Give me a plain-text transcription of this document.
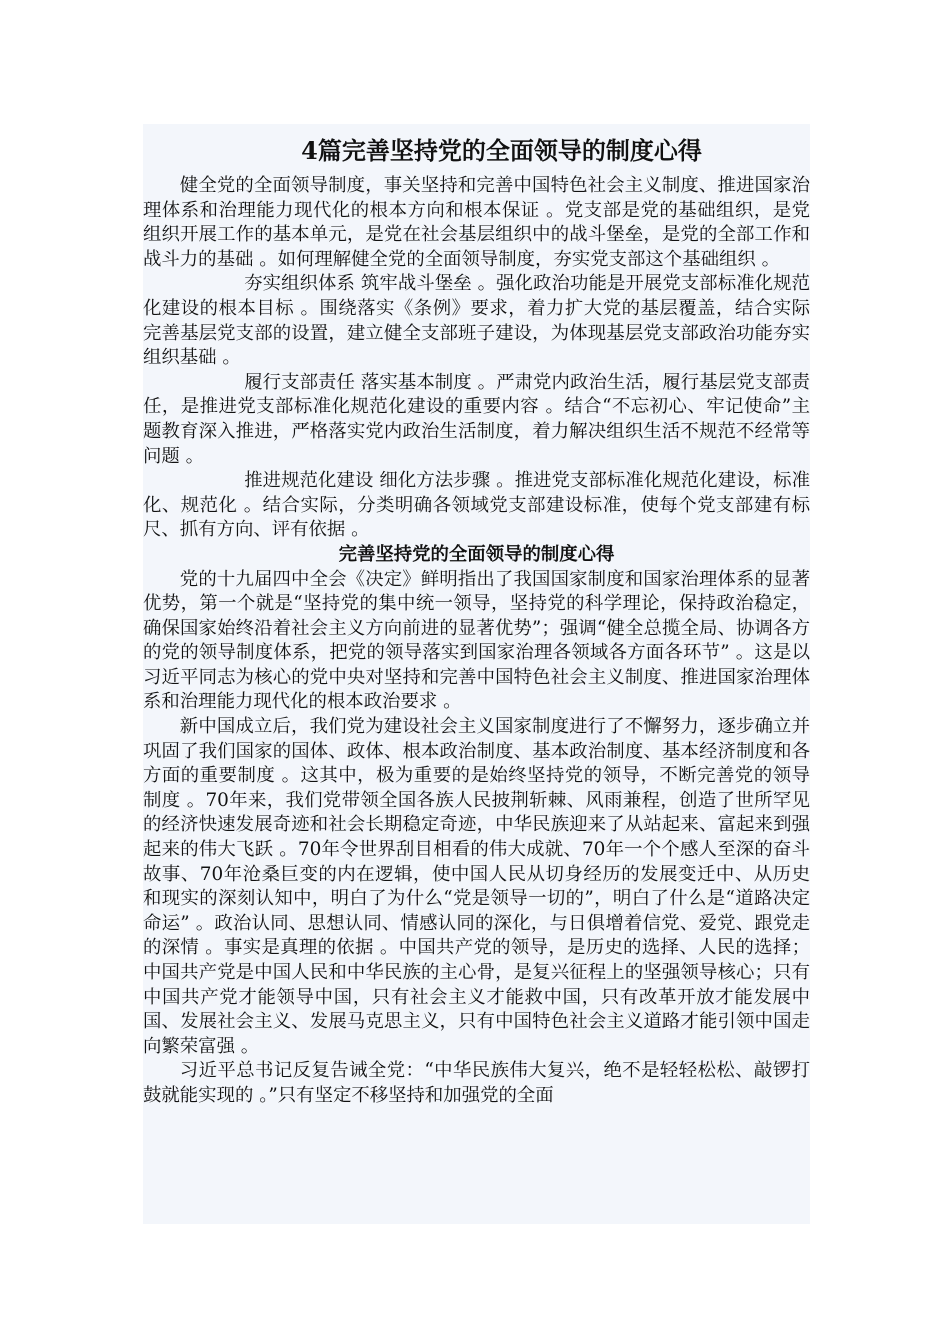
4篇完善坚持党的全面领导的制度心得

健全党的全面领导制度，事关坚持和完善中国特色社会主义制度、推进国家治理体系和治理能力现代化的根本方向和根本保证 。党支部是党的基础组织，是党组织开展工作的基本单元，是党在社会基层组织中的战斗堡垒，是党的全部工作和战斗力的基础 。如何理解健全党的全面领导制度，夯实党支部这个基础组织 。

夯实组织体系 筑牢战斗堡垒 。强化政治功能是开展党支部标准化规范化建设的根本目标 。围绕落实《条例》要求，着力扩大党的基层覆盖，结合实际完善基层党支部的设置，建立健全支部班子建设，为体现基层党支部政治功能夯实组织基础 。

履行支部责任 落实基本制度 。严肃党内政治生活，履行基层党支部责任，是推进党支部标准化规范化建设的重要内容 。结合“不忘初心、牢记使命”主题教育深入推进，严格落实党内政治生活制度，着力解决组织生活不规范不经常等问题 。

推进规范化建设 细化方法步骤 。推进党支部标准化规范化建设，标准化、规范化 。结合实际，分类明确各领域党支部建设标准，使每个党支部建有标尺、抓有方向、评有依据 。

完善坚持党的全面领导的制度心得

党的十九届四中全会《决定》鲜明指出了我国国家制度和国家治理体系的显著优势，第一个就是“坚持党的集中统一领导，坚持党的科学理论，保持政治稳定，确保国家始终沿着社会主义方向前进的显著优势”；强调“健全总揽全局、协调各方的党的领导制度体系，把党的领导落实到国家治理各领域各方面各环节” 。这是以习近平同志为核心的党中央对坚持和完善中国特色社会主义制度、推进国家治理体系和治理能力现代化的根本政治要求 。

新中国成立后，我们党为建设社会主义国家制度进行了不懈努力，逐步确立并巩固了我们国家的国体、政体、根本政治制度、基本政治制度、基本经济制度和各方面的重要制度 。这其中，极为重要的是始终坚持党的领导，不断完善党的领导制度 。70年来，我们党带领全国各族人民披荆斩棘、风雨兼程，创造了世所罕见的经济快速发展奇迹和社会长期稳定奇迹，中华民族迎来了从站起来、富起来到强起来的伟大飞跃 。70年令世界刮目相看的伟大成就、70年一个个感人至深的奋斗故事、70年沧桑巨变的内在逻辑，使中国人民从切身经历的发展变迁中、从历史和现实的深刻认知中，明白了为什么“党是领导一切的”，明白了什么是“道路决定命运” 。政治认同、思想认同、情感认同的深化，与日俱增着信党、爱党、跟党走的深情 。事实是真理的依据 。中国共产党的领导，是历史的选择、人民的选择；中国共产党是中国人民和中华民族的主心骨，是复兴征程上的坚强领导核心；只有中国共产党才能领导中国，只有社会主义才能救中国，只有改革开放才能发展中国、发展社会主义、发展马克思主义，只有中国特色社会主义道路才能引领中国走向繁荣富强 。

习近平总书记反复告诫全党：“中华民族伟大复兴，绝不是轻轻松松、敲锣打鼓就能实现的 。”只有坚定不移坚持和加强党的全面
